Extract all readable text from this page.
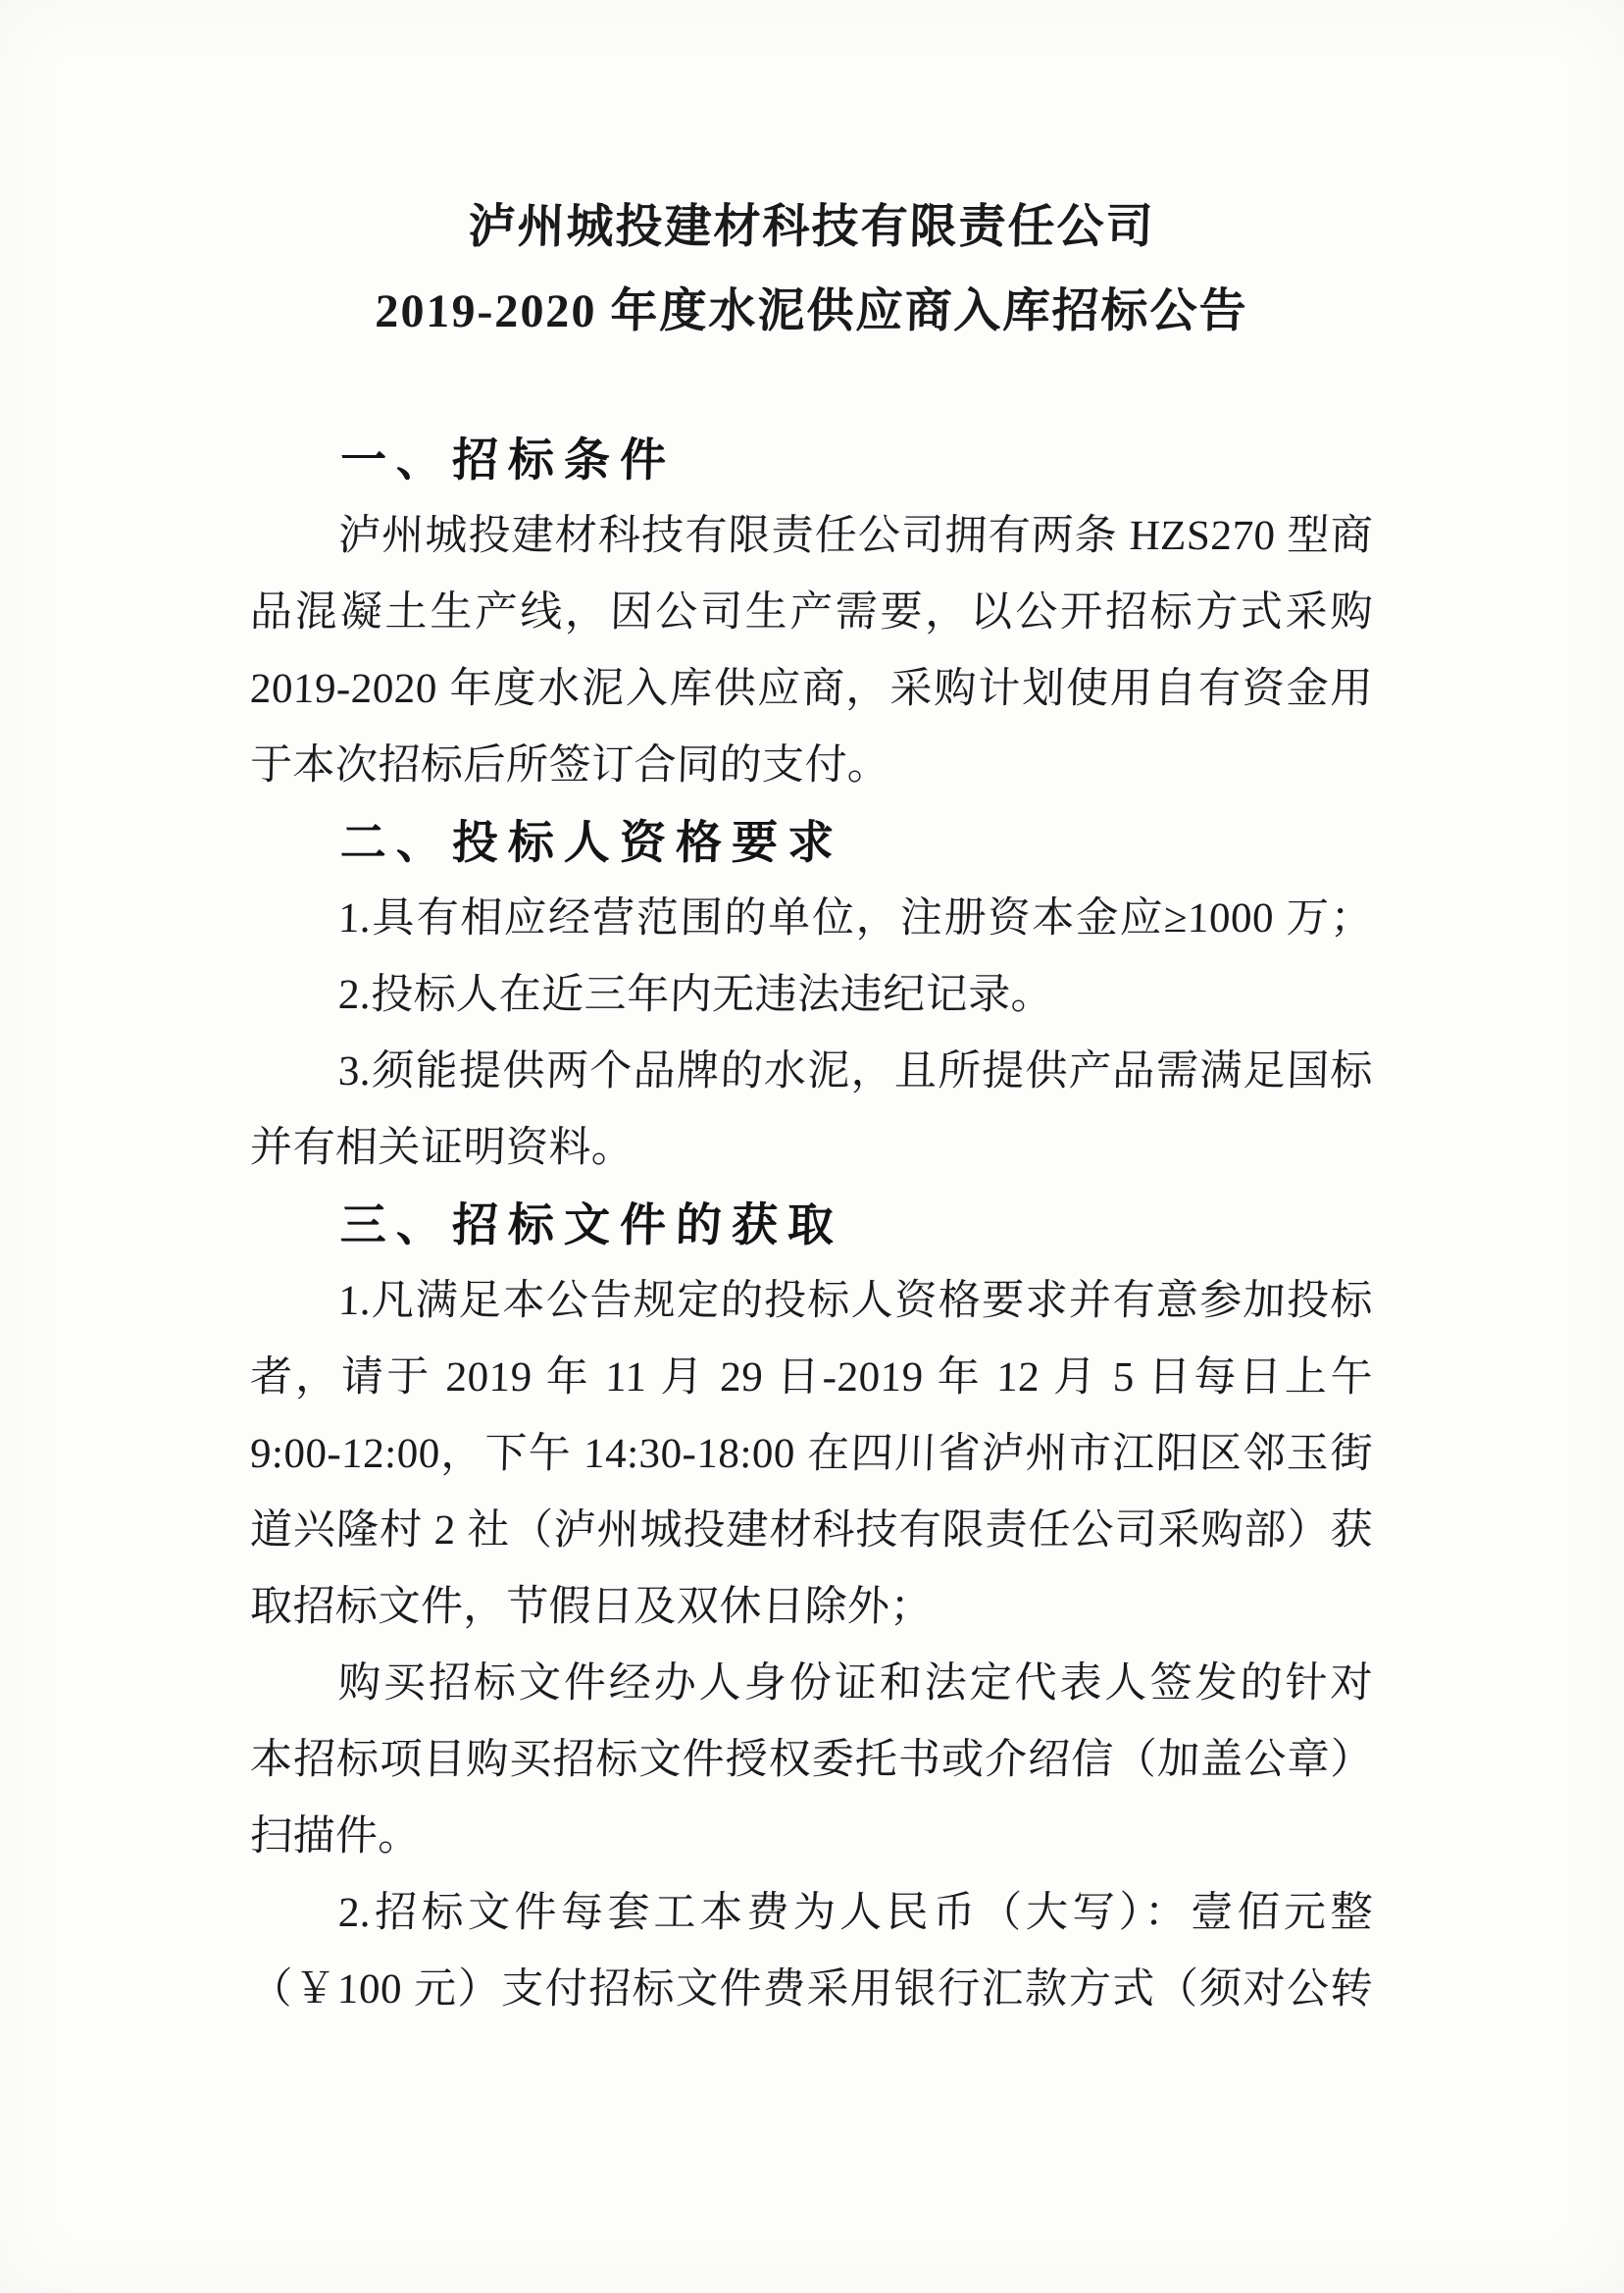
泸州城投建材科技有限责任公司
2019-2020 年度水泥供应商入库招标公告
一、招标条件
泸州城投建材科技有限责任公司拥有两条 HZS270 型商
品混凝土生产线，因公司生产需要，以公开招标方式采购
2019-2020 年度水泥入库供应商，采购计划使用自有资金用
于本次招标后所签订合同的支付。
二、投标人资格要求
1.具有相应经营范围的单位，注册资本金应≥1000 万；
2.投标人在近三年内无违法违纪记录。
3.须能提供两个品牌的水泥，且所提供产品需满足国标
并有相关证明资料。
三、招标文件的获取
1.凡满足本公告规定的投标人资格要求并有意参加投标
者，请于 2019 年 11 月 29 日-2019 年 12 月 5 日每日上午
9:00-12:00，下午 14:30-18:00 在四川省泸州市江阳区邻玉街
道兴隆村 2 社（泸州城投建材科技有限责任公司采购部）获
取招标文件，节假日及双休日除外；
购买招标文件经办人身份证和法定代表人签发的针对
本招标项目购买招标文件授权委托书或介绍信（加盖公章）
扫描件。
2.招标文件每套工本费为人民币（大写）：壹佰元整
（￥100 元）支付招标文件费采用银行汇款方式（须对公转
